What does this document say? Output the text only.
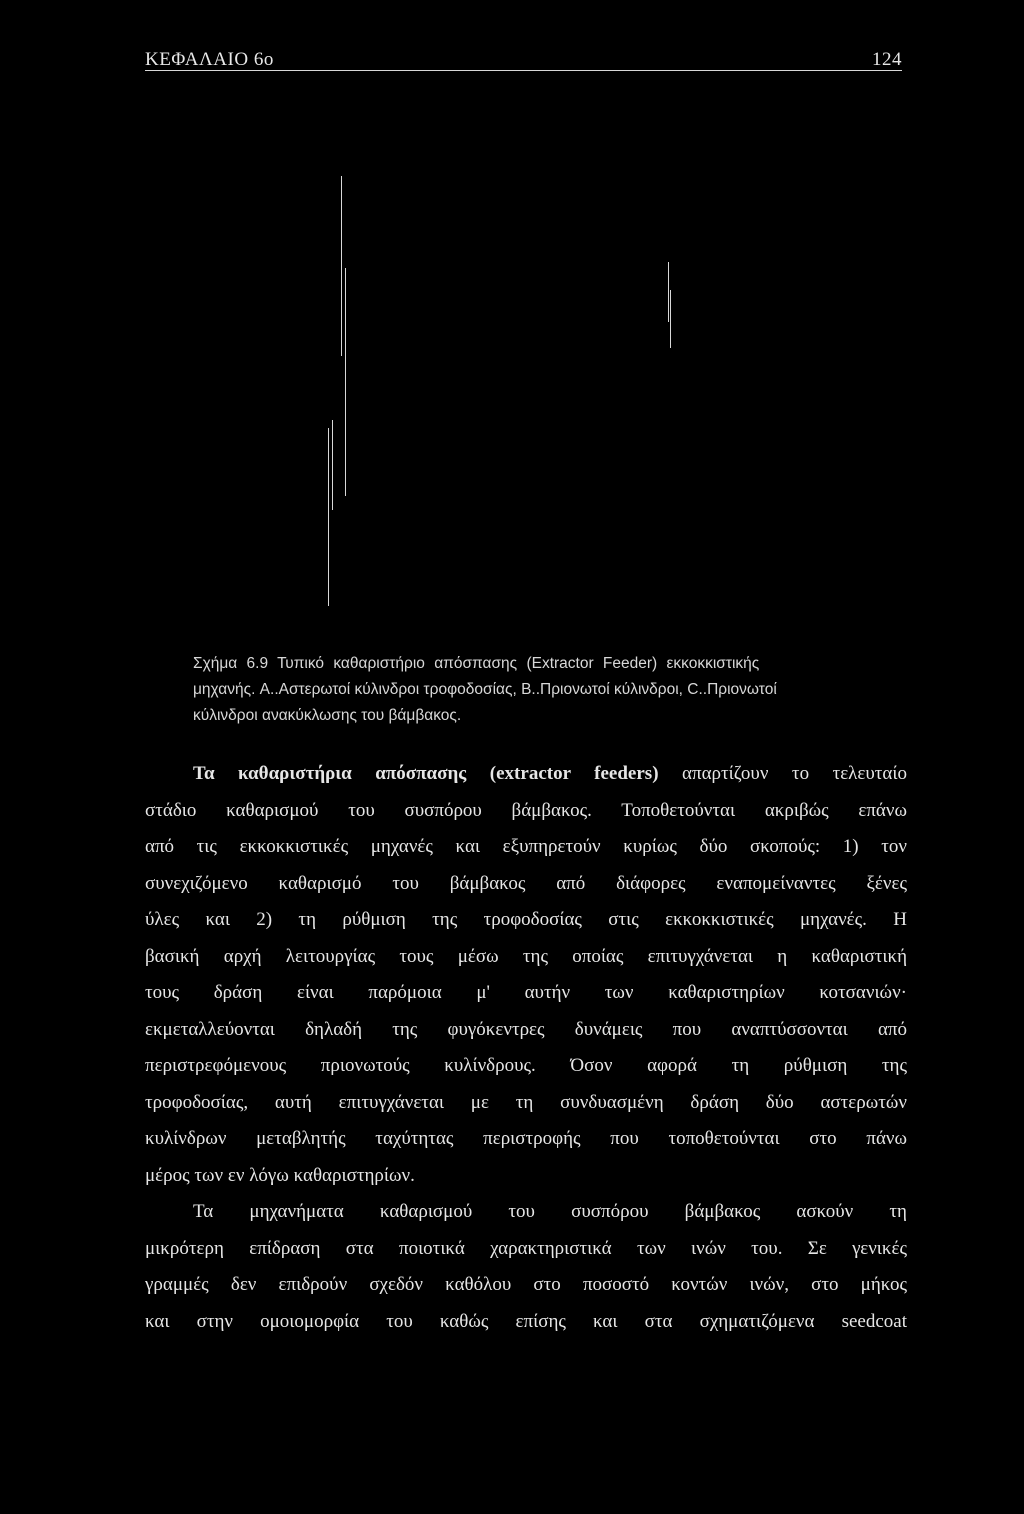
ΚΕΦΑΛΑΙΟ 6ο	124
Σχήμα 6.9 Τυπικό καθαριστήριο απόσπασης (Extractor Feeder) εκκοκκιστικής
μηχανής. A..Αστερωτοί κύλινδροι τροφοδοσίας, Β..Πριονωτοί κύλινδροι, C..Πριονωτοί
κύλινδροι ανακύκλωσης του βάμβακος.
Τα καθαριστήρια απόσπασης (extractor feeders) απαρτίζουν το τελευταίο
στάδιο καθαρισμού του συσπόρου βάμβακος. Τοποθετούνται ακριβώς επάνω
από τις εκκοκκιστικές μηχανές και εξυπηρετούν κυρίως δύο σκοπούς: 1) τον
συνεχιζόμενο καθαρισμό του βάμβακος από διάφορες εναπομείναντες ξένες
ύλες και 2) τη ρύθμιση της τροφοδοσίας στις εκκοκκιστικές μηχανές. Η
βασική αρχή λειτουργίας τους μέσω της οποίας επιτυγχάνεται η καθαριστική
τους δράση είναι παρόμοια μ' αυτήν των καθαριστηρίων κοτσανιών·
εκμεταλλεύονται δηλαδή της φυγόκεντρες δυνάμεις που αναπτύσσονται από
περιστρεφόμενους πριονωτούς κυλίνδρους. Όσον αφορά τη ρύθμιση της
τροφοδοσίας, αυτή επιτυγχάνεται με τη συνδυασμένη δράση δύο αστερωτών
κυλίνδρων μεταβλητής ταχύτητας περιστροφής που τοποθετούνται στο πάνω
μέρος των εν λόγω καθαριστηρίων.
Τα μηχανήματα καθαρισμού του συσπόρου βάμβακος ασκούν τη
μικρότερη επίδραση στα ποιοτικά χαρακτηριστικά των ινών του. Σε γενικές
γραμμές δεν επιδρούν σχεδόν καθόλου στο ποσοστό κοντών ινών, στο μήκος
και στην ομοιομορφία του καθώς επίσης και στα σχηματιζόμενα seedcoat
